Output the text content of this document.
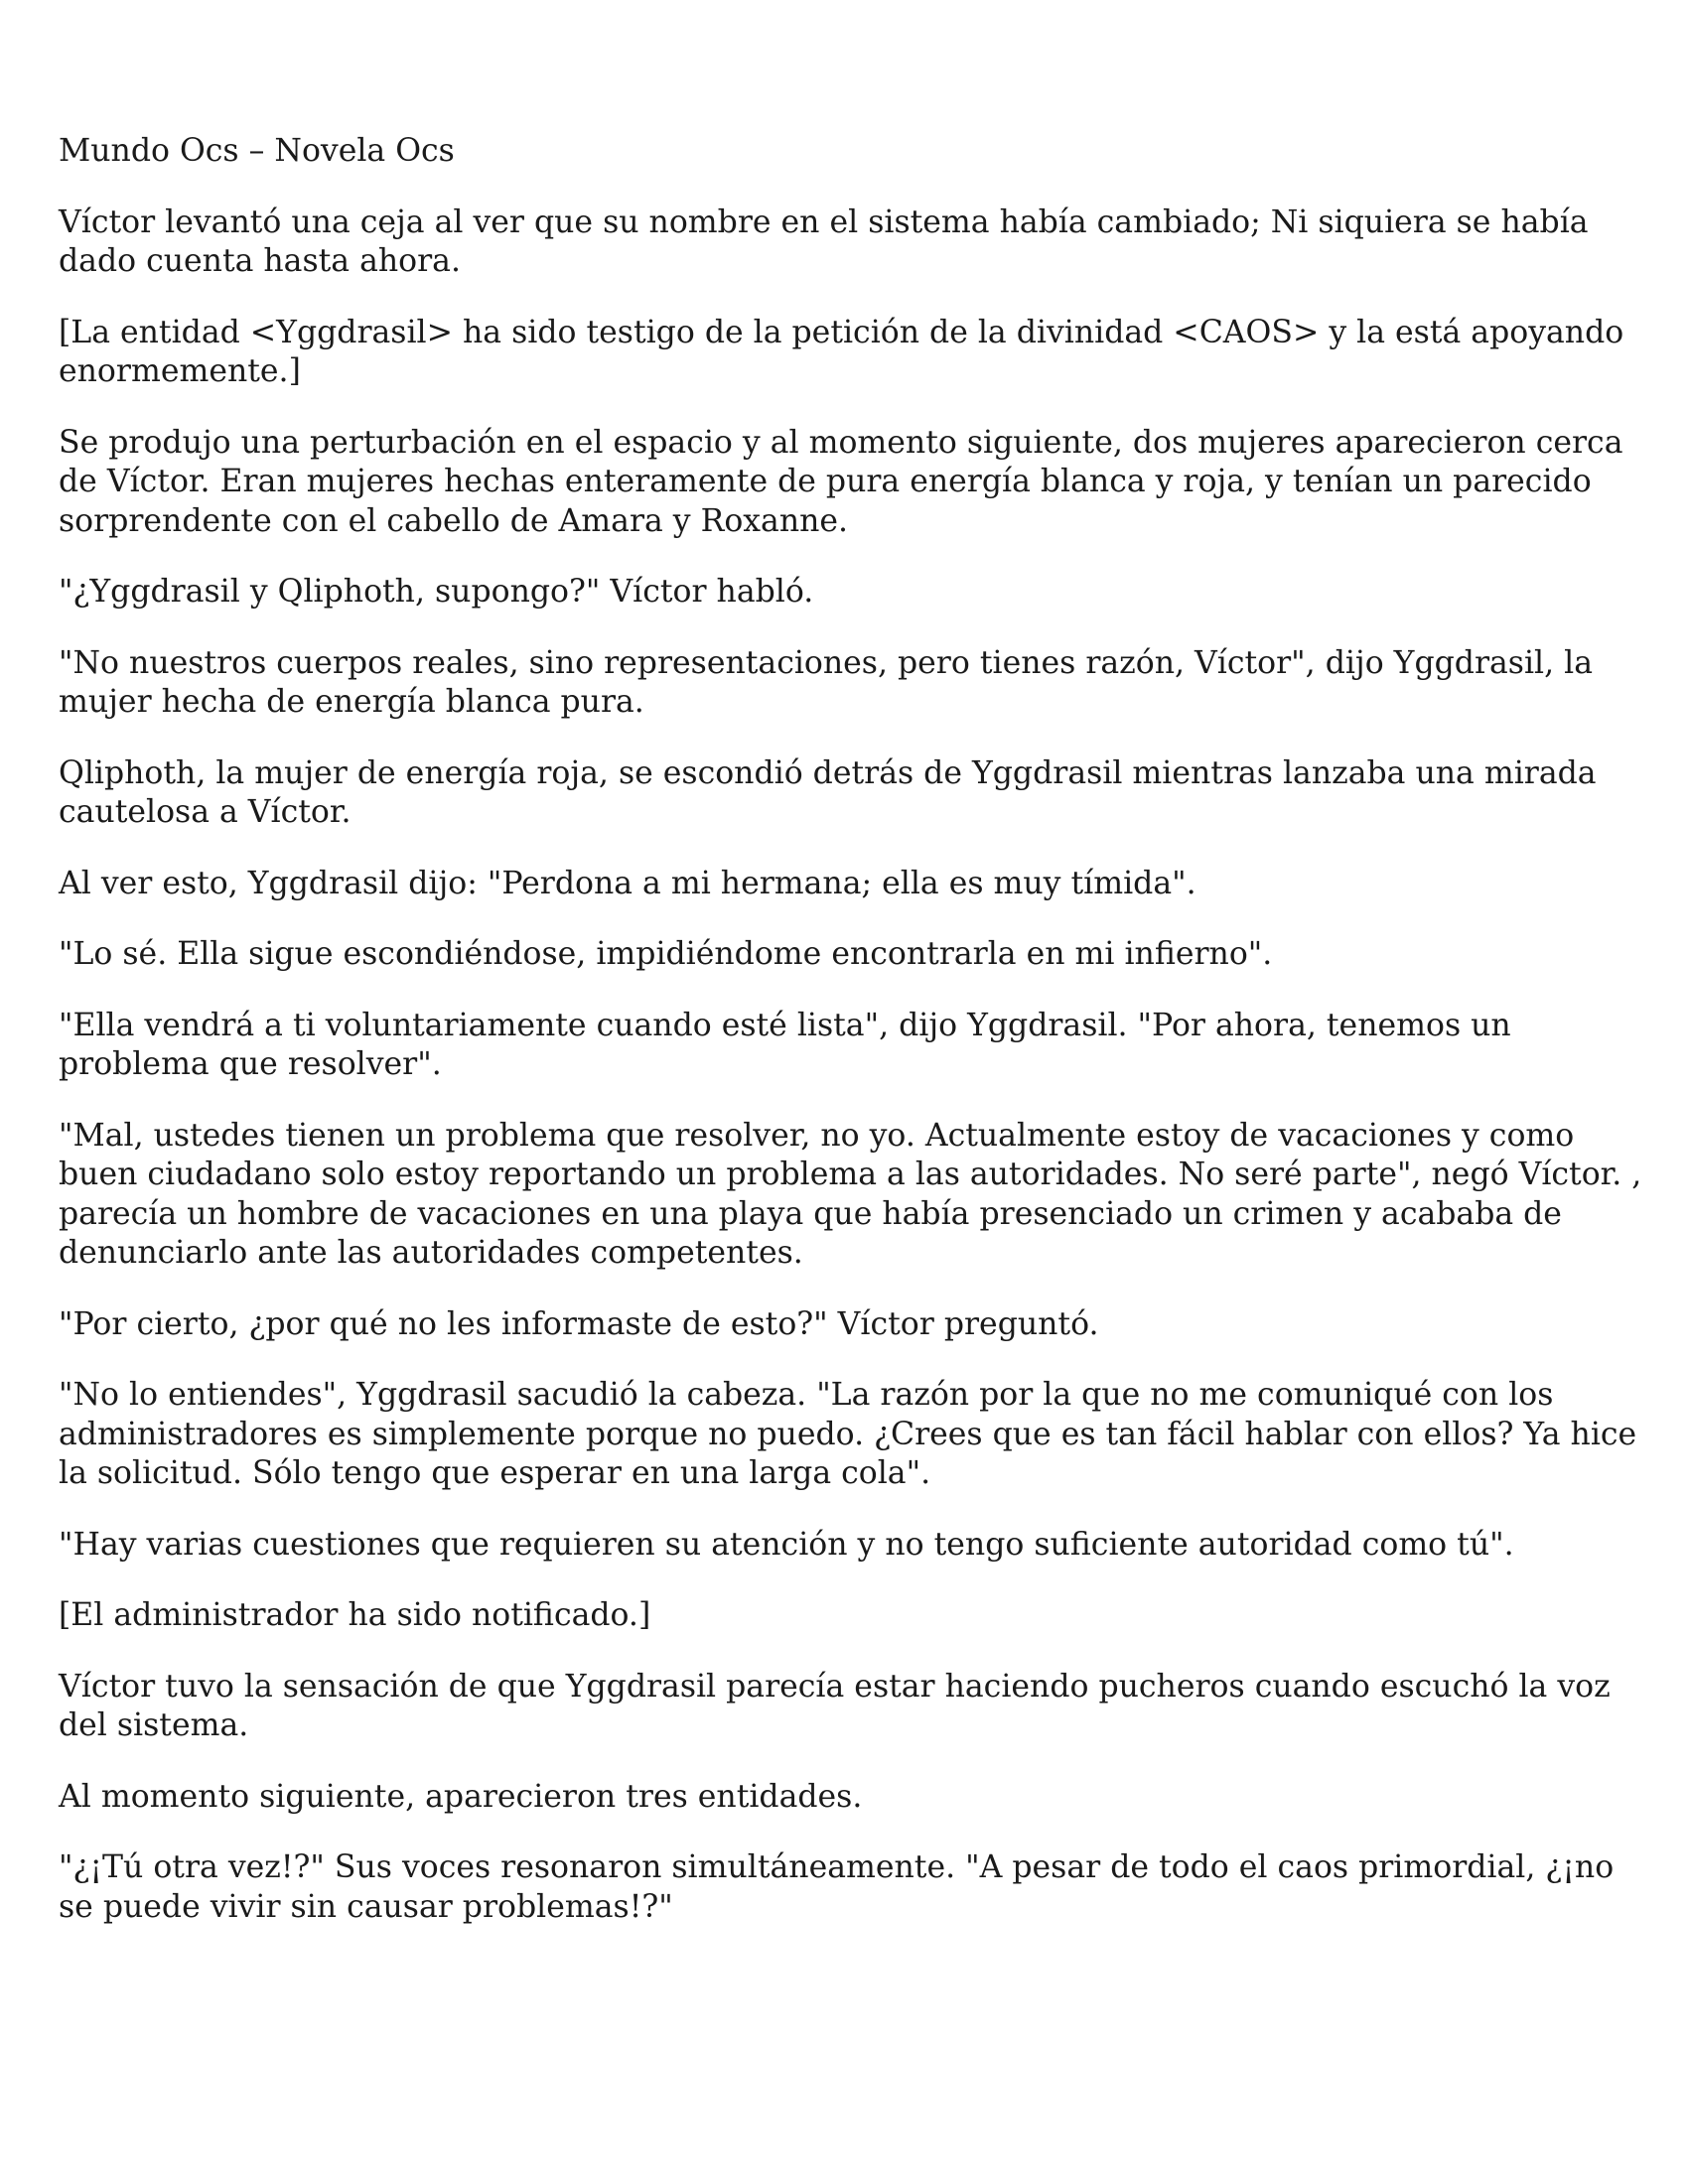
Mundo Ocs – Novela Ocs

Víctor levantó una ceja al ver que su nombre en el sistema había cambiado; Ni siquiera se había dado cuenta hasta ahora.

[La entidad <Yggdrasil> ha sido testigo de la petición de la divinidad <CAOS> y la está apoyando enormemente.]

Se produjo una perturbación en el espacio y al momento siguiente, dos mujeres aparecieron cerca de Víctor. Eran mujeres hechas enteramente de pura energía blanca y roja, y tenían un parecido sorprendente con el cabello de Amara y Roxanne.

"¿Yggdrasil y Qliphoth, supongo?" Víctor habló.

"No nuestros cuerpos reales, sino representaciones, pero tienes razón, Víctor", dijo Yggdrasil, la mujer hecha de energía blanca pura.

Qliphoth, la mujer de energía roja, se escondió detrás de Yggdrasil mientras lanzaba una mirada cautelosa a Víctor.

Al ver esto, Yggdrasil dijo: "Perdona a mi hermana; ella es muy tímida".

"Lo sé. Ella sigue escondiéndose, impidiéndome encontrarla en mi infierno".

"Ella vendrá a ti voluntariamente cuando esté lista", dijo Yggdrasil. "Por ahora, tenemos un problema que resolver".

"Mal, ustedes tienen un problema que resolver, no yo. Actualmente estoy de vacaciones y como buen ciudadano solo estoy reportando un problema a las autoridades. No seré parte", negó Víctor. , parecía un hombre de vacaciones en una playa que había presenciado un crimen y acababa de denunciarlo ante las autoridades competentes.

"Por cierto, ¿por qué no les informaste de esto?" Víctor preguntó.

"No lo entiendes", Yggdrasil sacudió la cabeza. "La razón por la que no me comuniqué con los administradores es simplemente porque no puedo. ¿Crees que es tan fácil hablar con ellos? Ya hice la solicitud. Sólo tengo que esperar en una larga cola".

"Hay varias cuestiones que requieren su atención y no tengo suficiente autoridad como tú".

[El administrador ha sido notificado.]

Víctor tuvo la sensación de que Yggdrasil parecía estar haciendo pucheros cuando escuchó la voz del sistema.

Al momento siguiente, aparecieron tres entidades.

"¿¡Tú otra vez!?" Sus voces resonaron simultáneamente. "A pesar de todo el caos primordial, ¿¡no se puede vivir sin causar problemas!?"
